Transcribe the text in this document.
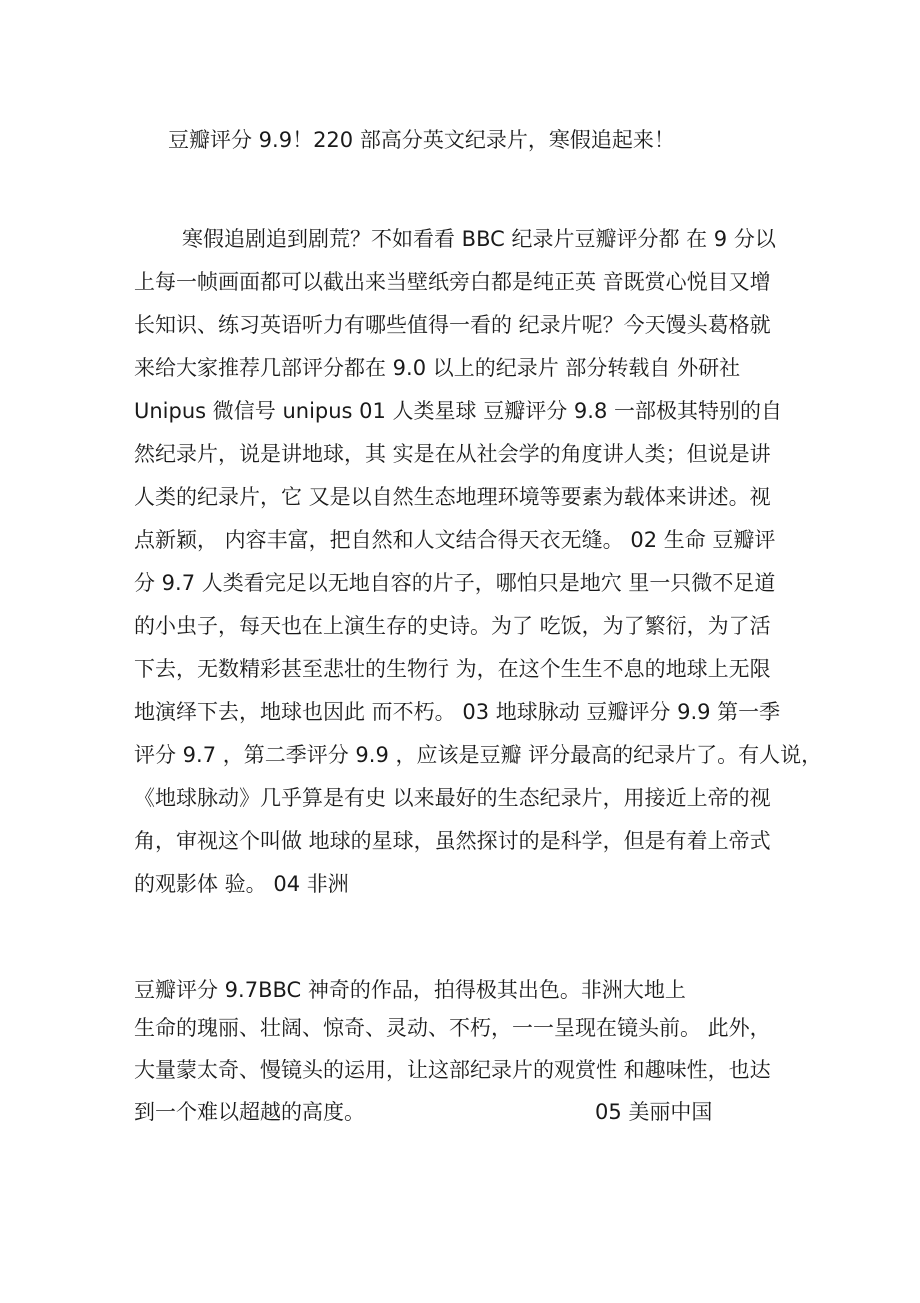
豆瓣评分 9.9！220 部高分英文纪录片，寒假追起来！
寒假追剧追到剧荒？不如看看 BBC 纪录片豆瓣评分都 在 9 分以
上每一帧画面都可以截出来当壁纸旁白都是纯正英 音既赏心悦目又增
长知识、练习英语听力有哪些值得一看的 纪录片呢？今天馒头葛格就
来给大家推荐几部评分都在 9.0 以上的纪录片 部分转载自 外研社
Unipus 微信号 unipus 01 人类星球 豆瓣评分 9.8 一部极其特别的自
然纪录片，说是讲地球，其 实是在从社会学的角度讲人类；但说是讲
人类的纪录片，它 又是以自然生态地理环境等要素为载体来讲述。视
点新颖， 内容丰富，把自然和人文结合得天衣无缝。 02 生命 豆瓣评
分 9.7 人类看完足以无地自容的片子，哪怕只是地穴 里一只微不足道
的小虫子，每天也在上演生存的史诗。为了 吃饭，为了繁衍，为了活
下去，无数精彩甚至悲壮的生物行 为，在这个生生不息的地球上无限
地演绎下去，地球也因此 而不朽。 03 地球脉动 豆瓣评分 9.9 第一季
评分 9.7 ，第二季评分 9.9 ，应该是豆瓣 评分最高的纪录片了。有人说，
《地球脉动》几乎算是有史 以来最好的生态纪录片，用接近上帝的视
角，审视这个叫做 地球的星球，虽然探讨的是科学，但是有着上帝式
的观影体 验。 04 非洲
豆瓣评分 9.7BBC 神奇的作品，拍得极其出色。非洲大地上
生命的瑰丽、壮阔、惊奇、灵动、不朽，一一呈现在镜头前。 此外，
大量蒙太奇、慢镜头的运用，让这部纪录片的观赏性 和趣味性，也达
到一个难以超越的高度。	05 美丽中国
